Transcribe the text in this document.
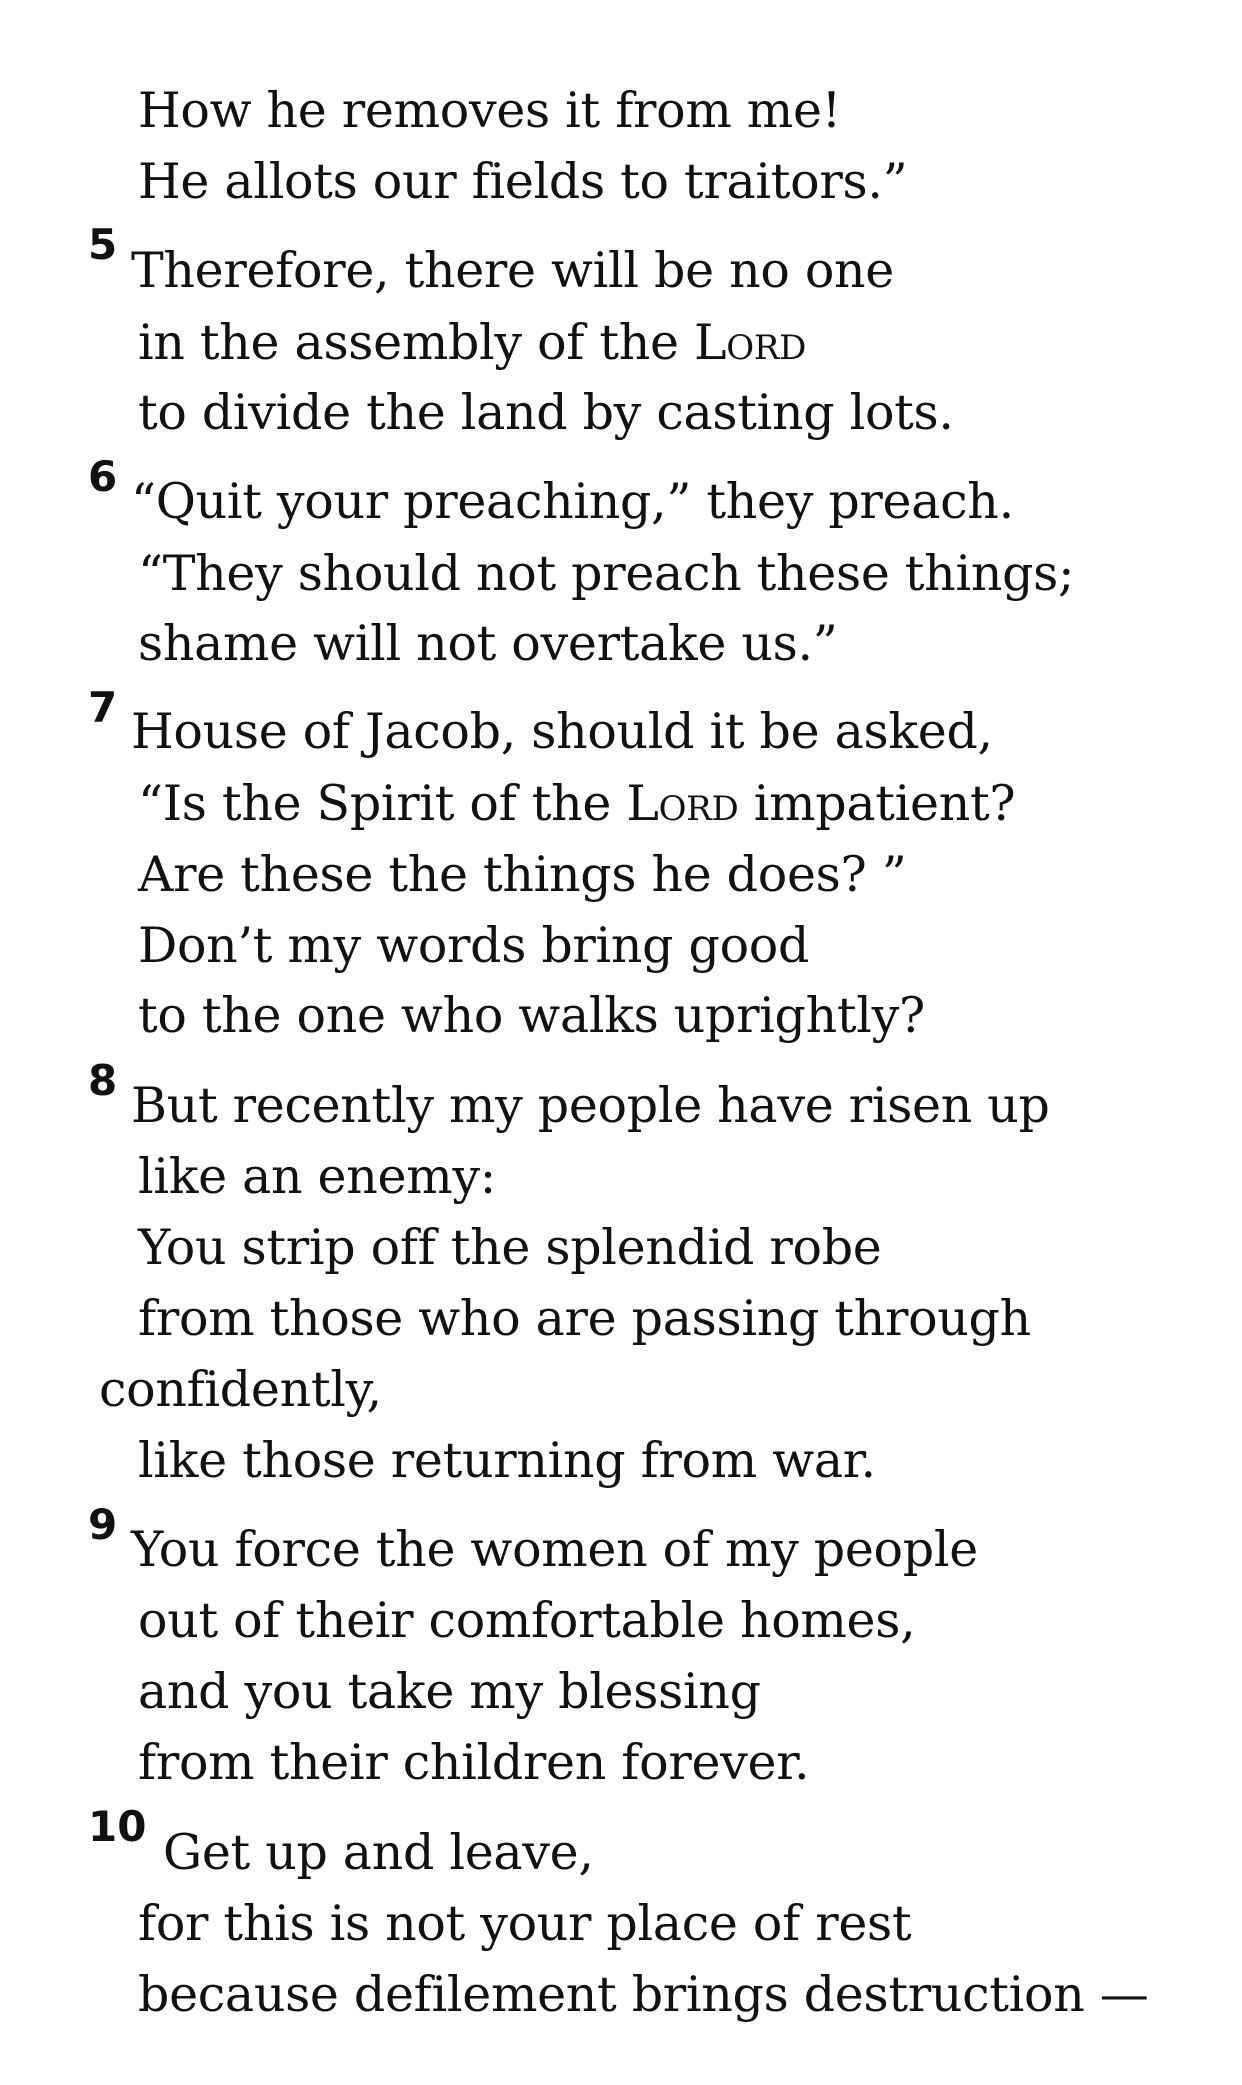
How he removes it from me!
He allots our fields to traitors.”
5 Therefore, there will be no one
in the assembly of the Lord
to divide the land by casting lots.
6 “Quit your preaching,” they preach.
“They should not preach these things;
shame will not overtake us.”
7 House of Jacob, should it be asked,
“Is the Spirit of the Lord impatient?
Are these the things he does? ”
Don’t my words bring good
to the one who walks uprightly?
8 But recently my people have risen up
like an enemy:
You strip off the splendid robe
from those who are passing through
confidently,
like those returning from war.
9 You force the women of my people
out of their comfortable homes,
and you take my blessing
from their children forever.
10 Get up and leave,
for this is not your place of rest
because defilement brings destruction —
